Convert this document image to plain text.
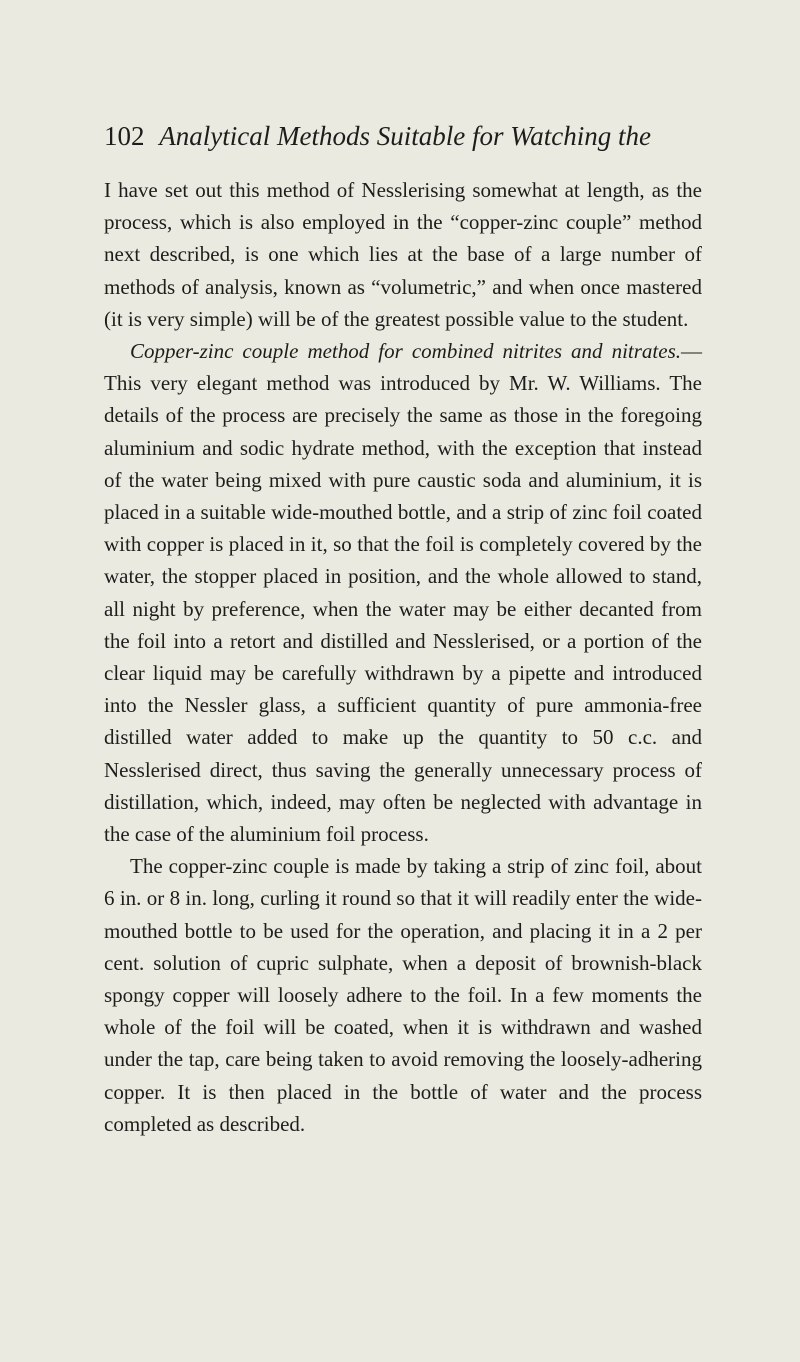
102 Analytical Methods Suitable for Watching the

I have set out this method of Nesslerising somewhat at length, as the process, which is also employed in the “copper-zinc couple” method next described, is one which lies at the base of a large number of methods of analysis, known as “volumetric,” and when once mastered (it is very simple) will be of the greatest possible value to the student.

Copper-zinc couple method for combined nitrites and nitrates.—This very elegant method was introduced by Mr. W. Williams. The details of the process are precisely the same as those in the foregoing aluminium and sodic hydrate method, with the exception that instead of the water being mixed with pure caustic soda and aluminium, it is placed in a suitable wide-mouthed bottle, and a strip of zinc foil coated with copper is placed in it, so that the foil is completely covered by the water, the stopper placed in position, and the whole allowed to stand, all night by preference, when the water may be either decanted from the foil into a retort and distilled and Nesslerised, or a portion of the clear liquid may be carefully withdrawn by a pipette and introduced into the Nessler glass, a sufficient quantity of pure ammonia-free distilled water added to make up the quantity to 50 c.c. and Nesslerised direct, thus saving the generally unnecessary process of distillation, which, indeed, may often be neglected with advantage in the case of the aluminium foil process.

The copper-zinc couple is made by taking a strip of zinc foil, about 6 in. or 8 in. long, curling it round so that it will readily enter the wide-mouthed bottle to be used for the operation, and placing it in a 2 per cent. solution of cupric sulphate, when a deposit of brownish-black spongy copper will loosely adhere to the foil. In a few moments the whole of the foil will be coated, when it is withdrawn and washed under the tap, care being taken to avoid removing the loosely-adhering copper. It is then placed in the bottle of water and the process completed as described.
